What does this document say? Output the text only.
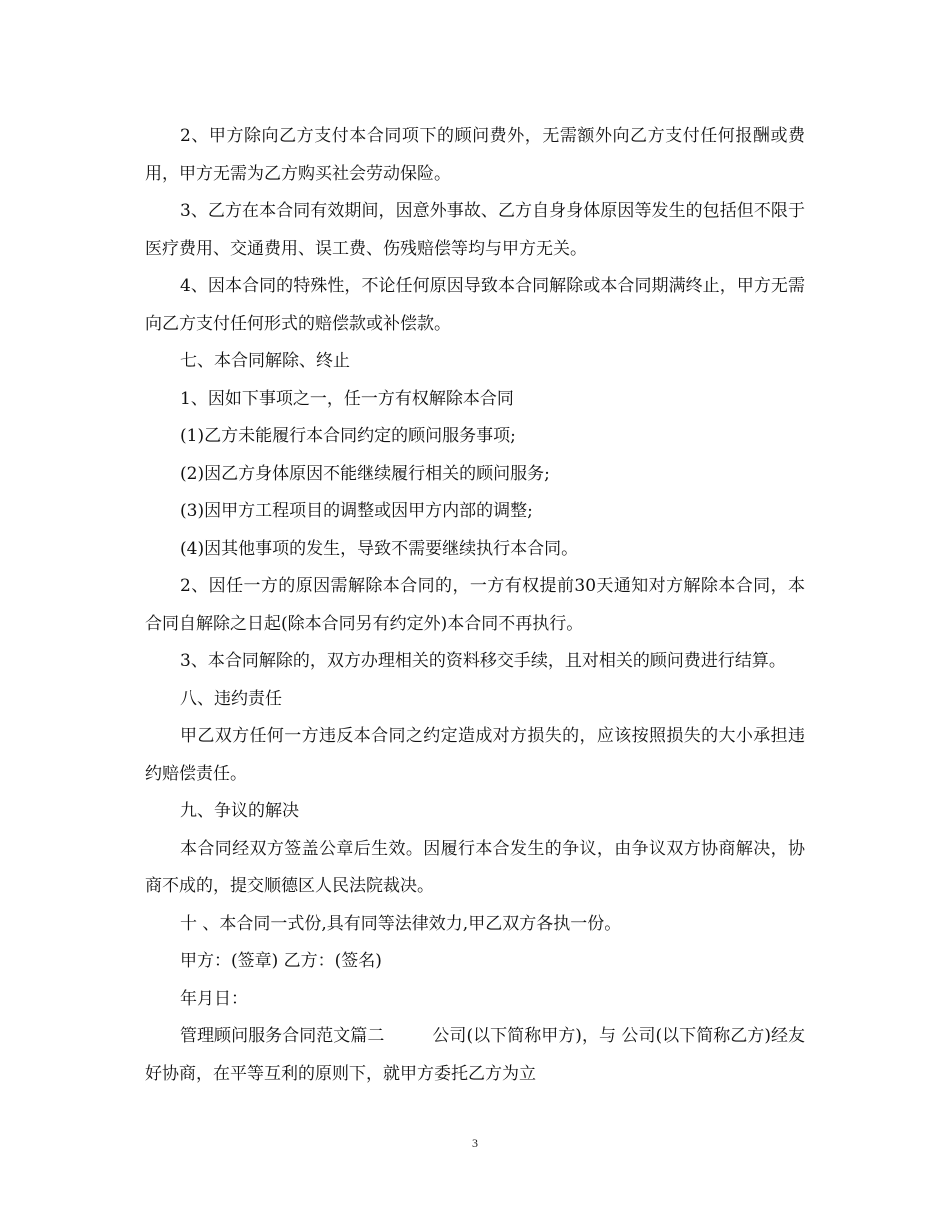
2、甲方除向乙方支付本合同项下的顾问费外，无需额外向乙方支付任何报酬或费用，甲方无需为乙方购买社会劳动保险。

3、乙方在本合同有效期间，因意外事故、乙方自身身体原因等发生的包括但不限于医疗费用、交通费用、误工费、伤残赔偿等均与甲方无关。

4、因本合同的特殊性，不论任何原因导致本合同解除或本合同期满终止，甲方无需向乙方支付任何形式的赔偿款或补偿款。

七、本合同解除、终止

1、因如下事项之一，任一方有权解除本合同

(1)乙方未能履行本合同约定的顾问服务事项;

(2)因乙方身体原因不能继续履行相关的顾问服务;

(3)因甲方工程项目的调整或因甲方内部的调整;

(4)因其他事项的发生，导致不需要继续执行本合同。

2、因任一方的原因需解除本合同的，一方有权提前30天通知对方解除本合同，本合同自解除之日起(除本合同另有约定外)本合同不再执行。

3、本合同解除的，双方办理相关的资料移交手续，且对相关的顾问费进行结算。

八、违约责任

甲乙双方任何一方违反本合同之约定造成对方损失的，应该按照损失的大小承担违约赔偿责任。

九、争议的解决

本合同经双方签盖公章后生效。因履行本合发生的争议，由争议双方协商解决，协商不成的，提交顺德区人民法院裁决。

十 、本合同一式份,具有同等法律效力,甲乙双方各执一份。

甲方：(签章) 乙方：(签名)

年月日：

管理顾问服务合同范文篇二	公司(以下简称甲方)，与 公司(以下简称乙方)经友好协商，在平等互利的原则下，就甲方委托乙方为立

3
